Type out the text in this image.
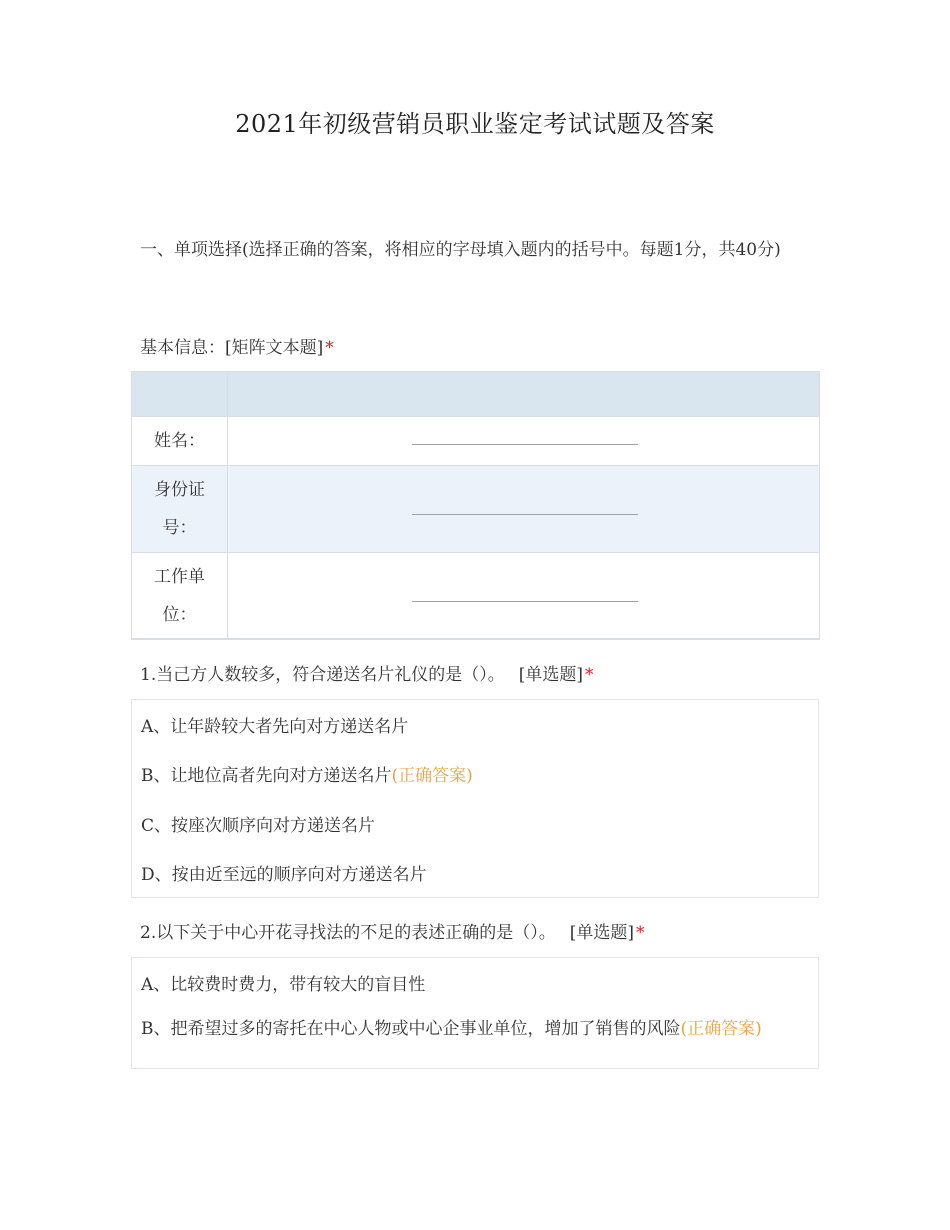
2021年初级营销员职业鉴定考试试题及答案
一、单项选择(选择正确的答案，将相应的字母填入题内的括号中。每题1分，共40分)
基本信息：[矩阵文本题] *
姓名：
身份证号：
工作单位：
1.当己方人数较多，符合递送名片礼仪的是（）。 [单选题] *
A、让年龄较大者先向对方递送名片
B、让地位高者先向对方递送名片(正确答案)
C、按座次顺序向对方递送名片
D、按由近至远的顺序向对方递送名片
2.以下关于中心开花寻找法的不足的表述正确的是（）。 [单选题] *
A、比较费时费力，带有较大的盲目性
B、把希望过多的寄托在中心人物或中心企事业单位，增加了销售的风险(正确答案)
